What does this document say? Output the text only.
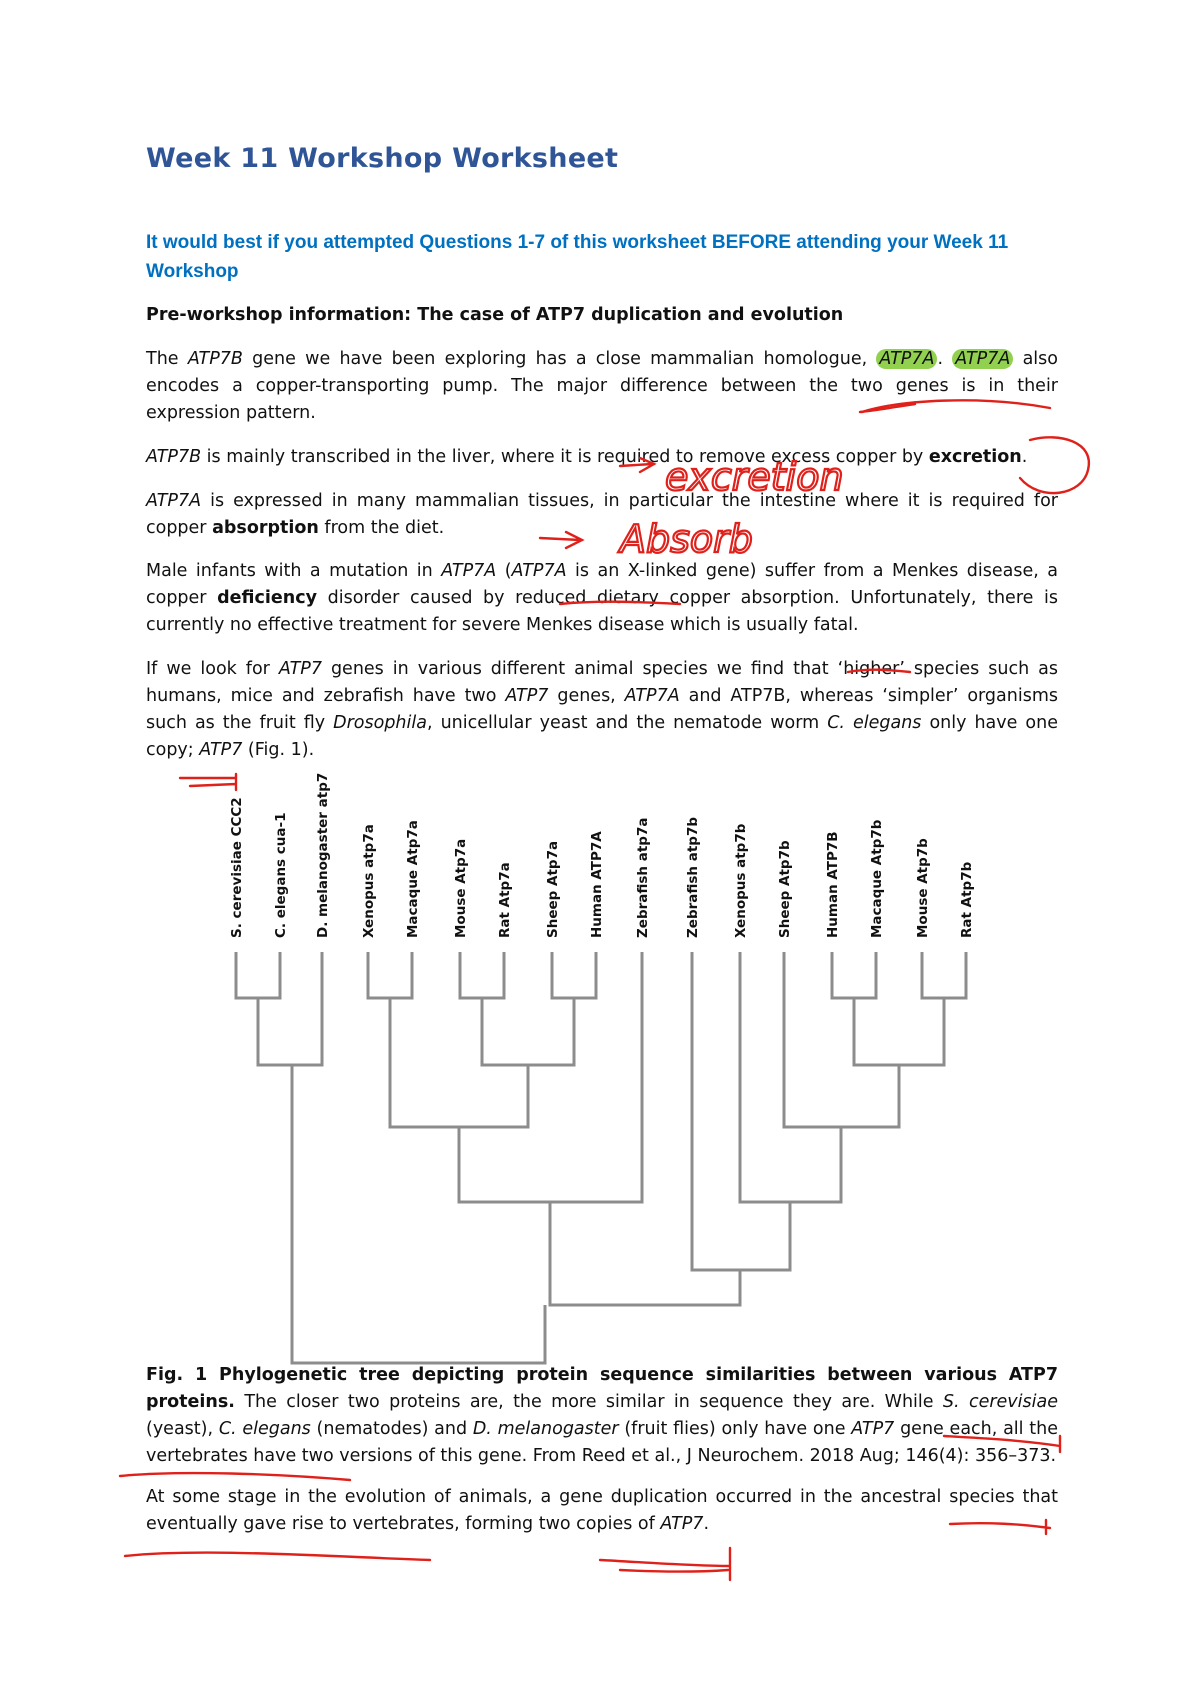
Week 11 Workshop Worksheet

It would best if you attempted Questions 1-7 of this worksheet BEFORE attending your Week 11 Workshop

Pre-workshop information: The case of ATP7 duplication and evolution

The ATP7B gene we have been exploring has a close mammalian homologue, ATP7A . ATP7A also encodes a copper-transporting pump. The major difference between the two genes is in their expression pattern.

ATP7B is mainly transcribed in the liver, where it is required to remove excess copper by excretion.

ATP7A is expressed in many mammalian tissues, in particular the intestine where it is required for copper absorption from the diet.

Male infants with a mutation in ATP7A (ATP7A is an X-linked gene) suffer from a Menkes disease, a copper deficiency disorder caused by reduced dietary copper absorption. Unfortunately, there is currently no effective treatment for severe Menkes disease which is usually fatal.

If we look for ATP7 genes in various different animal species we find that ‘higher’ species such as humans, mice and zebrafish have two ATP7 genes, ATP7A and ATP7B, whereas ‘simpler’ organisms such as the fruit fly Drosophila, unicellular yeast and the nematode worm C. elegans only have one copy; ATP7 (Fig. 1).

S. cerevisiae CCC2 C. elegans cua-1 D. melanogaster atp7 Xenopus atp7a Macaque Atp7a Mouse Atp7a Rat Atp7a Sheep Atp7a Human ATP7A Zebrafish atp7a	Zebrafish atp7b Xenopus atp7b Sheep Atp7b Human ATP7B Macaque Atp7b Mouse Atp7b Rat Atp7b

Fig. 1 Phylogenetic tree depicting protein sequence similarities between various ATP7 proteins. The closer two proteins are, the more similar in sequence they are. While S. cerevisiae (yeast), C. elegans (nematodes) and D. melanogaster (fruit flies) only have one ATP7 gene each, all the vertebrates have two versions of this gene. From Reed et al., J Neurochem. 2018 Aug; 146(4): 356–373.

At some stage in the evolution of animals, a gene duplication occurred in the ancestral species that eventually gave rise to vertebrates, forming two copies of ATP7.

excretion
Absorb
